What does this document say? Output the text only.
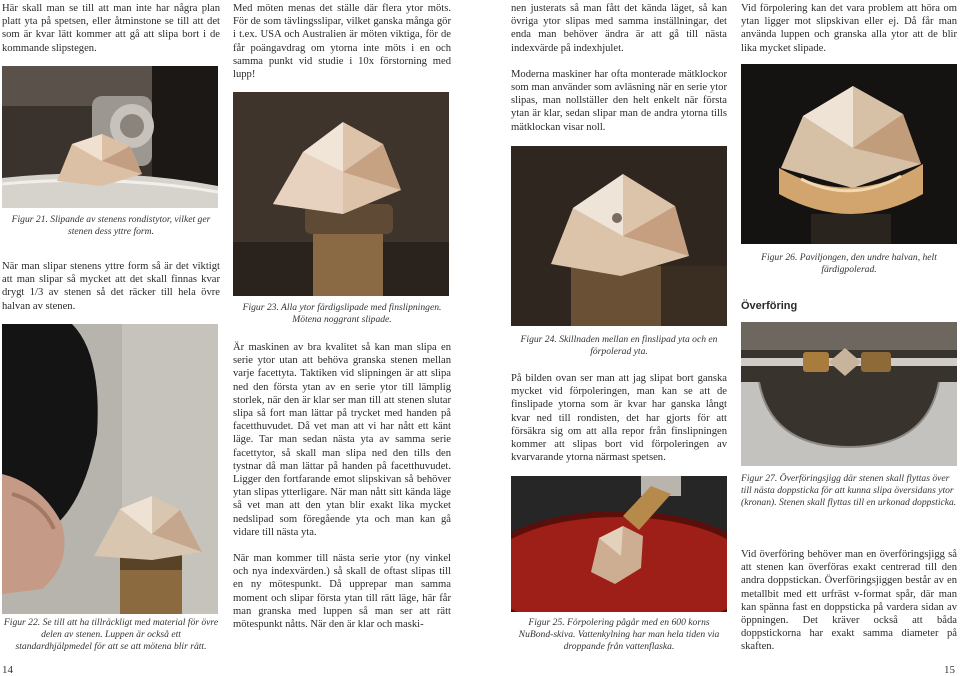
Här skall man se till att man inte har några plan platt yta på spetsen, eller åtminstone se till att det som är kvar lätt kommer att gå att slipa bort i de kommande slipstegen.
Figur 21. Slipande av stenens rondistytor, vilket ger stenen dess yttre form.
När man slipar stenens yttre form så är det viktigt att man slipar så mycket att det skall finnas kvar drygt 1/3 av stenen så det räcker till hela övre halvan av stenen.
Figur 22. Se till att ha tillräckligt med material för övre delen av stenen. Luppen är också ett standardhjälpmedel för att se att mötena blir rätt.
14
Med möten menas det ställe där flera ytor möts. För de som tävlingsslipar, vilket ganska många gör i t.ex. USA och Australien är möten viktiga, för de får poängavdrag om ytorna inte möts i en och samma punkt vid studie i 10x förstorning med lupp!
Figur 23. Alla ytor färdigslipade med finslipningen. Mötena noggrant slipade.
Är maskinen av bra kvalitet så kan man slipa en serie ytor utan att behöva granska stenen mellan varje facettyta. Taktiken vid slipningen är att slipa ned den första ytan av en serie ytor till lämplig storlek, när den är klar ser man till att stenen slutar slipa så fort man lättar på trycket med handen på facetthuvudet. Då vet man att vi har nått ett känt läge. Tar man sedan nästa yta av samma serie facettytor, så skall man slipa ned den tills den tystnar då man lättar på handen på facetthuvudet. Ligger den fortfarande emot slipskivan så behöver ytan slipas ytterligare. När man nått sitt kända läge så vet man att den ytan blir exakt lika mycket nedslipad som föregående yta och man kan gå vidare till nästa yta.
När man kommer till nästa serie ytor (ny vinkel och nya indexvärden.) så skall de oftast slipas till en ny mötespunkt. Då upprepar man samma moment och slipar första ytan till rätt läge, här får man granska med luppen så man ser att rätt mötespunkt nåtts. När den är klar och maski-
nen justerats så man fått det kända läget, så kan övriga ytor slipas med samma inställningar, det enda man behöver ändra är att gå till nästa indexvärde på indexhjulet.
Moderna maskiner har ofta monterade mätklockor som man använder som avläsning när en serie ytor slipas, man nollställer den helt enkelt när första ytan är klar, sedan slipar man de andra ytorna tills mätklockan visar noll.
Figur 24. Skillnaden mellan en finslipad yta och en förpolerad yta.
På bilden ovan ser man att jag slipat bort ganska mycket vid förpoleringen, man kan se att de finslipade ytorna som är kvar har ganska långt kvar ned till rondisten, det har gjorts för att försäkra sig om att alla repor från finslipningen kommer att slipas bort vid förpoleringen av kvarvarande ytorna närmast spetsen.
Figur 25. Förpolering pågår med en 600 korns NuBond-skiva. Vattenkylning har man hela tiden via droppande från vattenflaska.
Vid förpolering kan det vara problem att höra om ytan ligger mot slipskivan eller ej. Då får man använda luppen och granska alla ytor att de blir lika mycket slipade.
Figur 26. Paviljongen, den undre halvan, helt färdigpolerad.
Överföring
Figur 27. Överföringsjigg där stenen skall flyttas över till nästa doppsticka för att kunna slipa översidans ytor (kronan). Stenen skall flyttas till en urkonad doppsticka.
Vid överföring behöver man en överföringsjigg så att stenen kan överföras exakt centrerad till den andra doppstickan. Överföringsjiggen består av en metallbit med ett urfräst v-format spår, där man kan spänna fast en doppsticka på vardera sidan av öppningen. Det kräver också att båda doppstickorna har exakt samma diameter på skaften.
15
